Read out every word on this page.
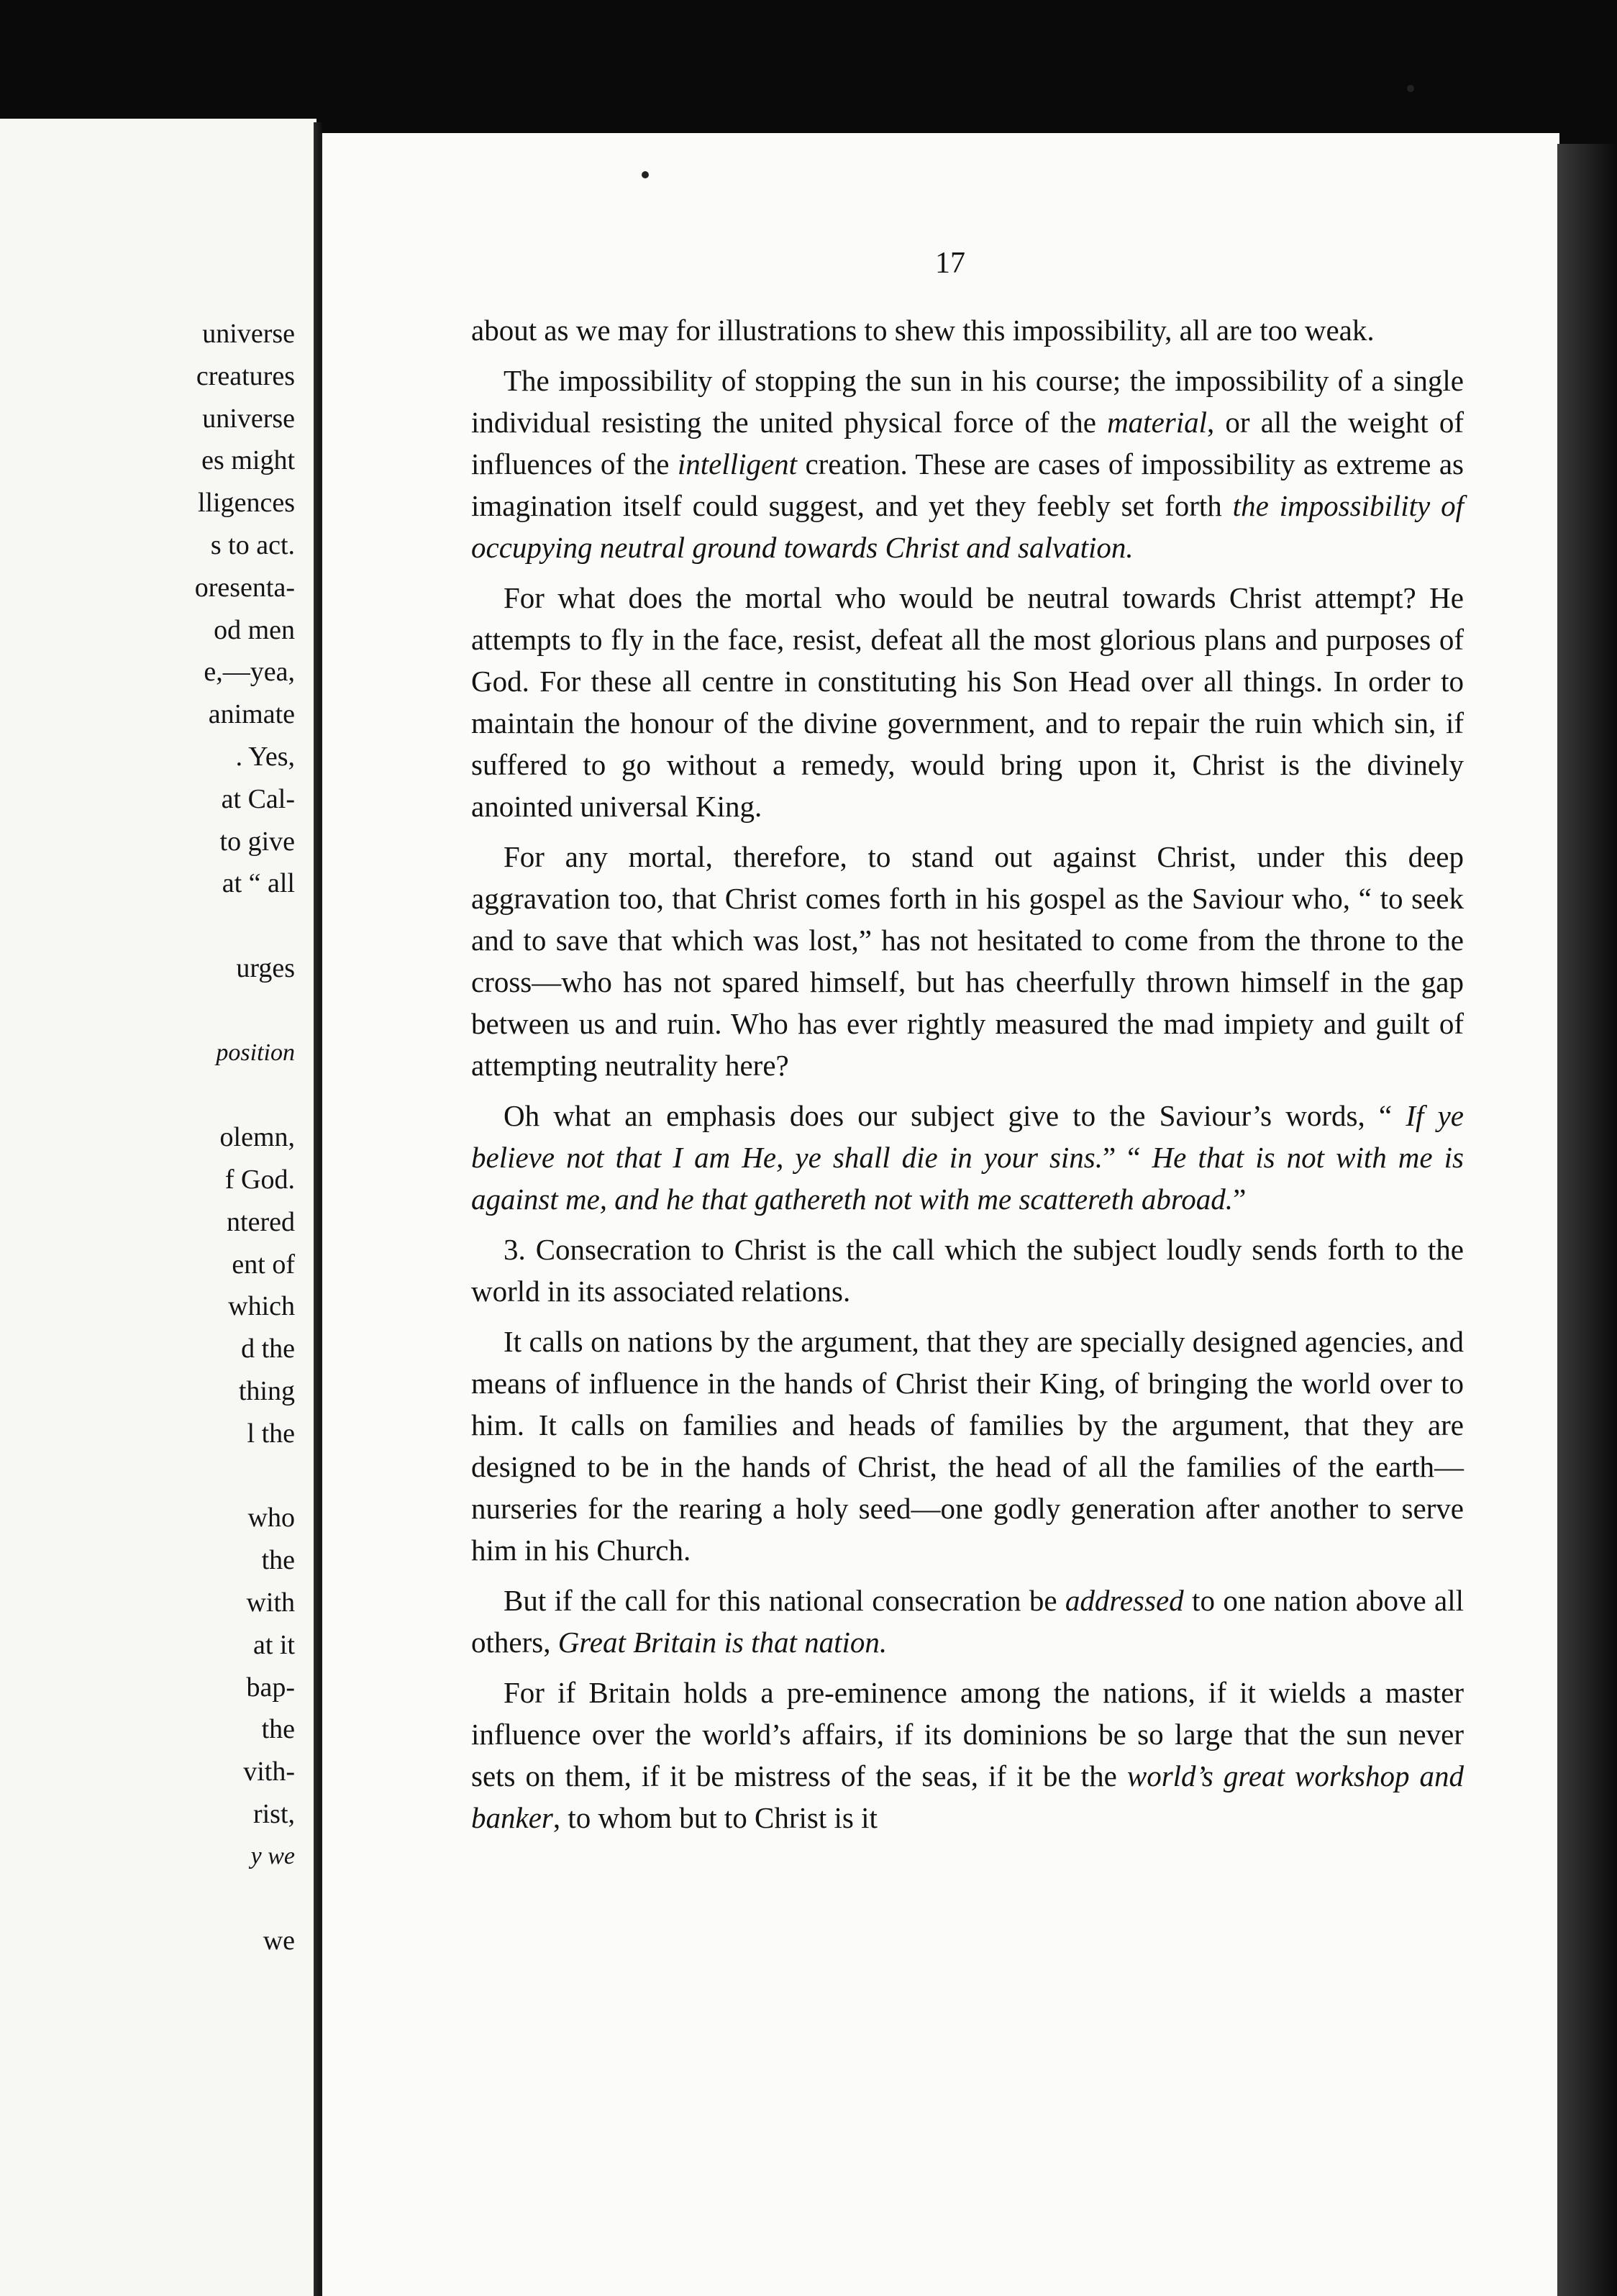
universe
creatures
universe
es might
lligences
s to act.
oresenta-
od men
e,—yea,
animate
. Yes,
at Cal-
to give
at “ all
urges
position
olemn,
f God.
ntered
ent of
which
d the
thing
l the
who
the
with
at it
bap-
the
vith-
rist,
y we
we
17

about as we may for illustrations to shew this impossibility, all are too weak.

The impossibility of stopping the sun in his course; the impossibility of a single individual resisting the united physical force of the material, or all the weight of influences of the intelligent creation. These are cases of impossibility as extreme as imagination itself could suggest, and yet they feebly set forth the impossibility of occupying neutral ground towards Christ and salvation.

For what does the mortal who would be neutral towards Christ attempt? He attempts to fly in the face, resist, defeat all the most glorious plans and purposes of God. For these all centre in constituting his Son Head over all things. In order to maintain the honour of the divine government, and to repair the ruin which sin, if suffered to go without a remedy, would bring upon it, Christ is the divinely anointed universal King.

For any mortal, therefore, to stand out against Christ, under this deep aggravation too, that Christ comes forth in his gospel as the Saviour who, “ to seek and to save that which was lost,” has not hesitated to come from the throne to the cross—who has not spared himself, but has cheerfully thrown himself in the gap between us and ruin. Who has ever rightly measured the mad impiety and guilt of attempting neutrality here?

Oh what an emphasis does our subject give to the Saviour’s words, “ If ye believe not that I am He, ye shall die in your sins.” “ He that is not with me is against me, and he that gathereth not with me scattereth abroad.”

3. Consecration to Christ is the call which the subject loudly sends forth to the world in its associated relations.

It calls on nations by the argument, that they are specially designed agencies, and means of influence in the hands of Christ their King, of bringing the world over to him. It calls on families and heads of families by the argument, that they are designed to be in the hands of Christ, the head of all the families of the earth—nurseries for the rearing a holy seed—one godly generation after another to serve him in his Church.

But if the call for this national consecration be addressed to one nation above all others, Great Britain is that nation.

For if Britain holds a pre-eminence among the nations, if it wields a master influence over the world’s affairs, if its dominions be so large that the sun never sets on them, if it be mistress of the seas, if it be the world’s great workshop and banker, to whom but to Christ is it
